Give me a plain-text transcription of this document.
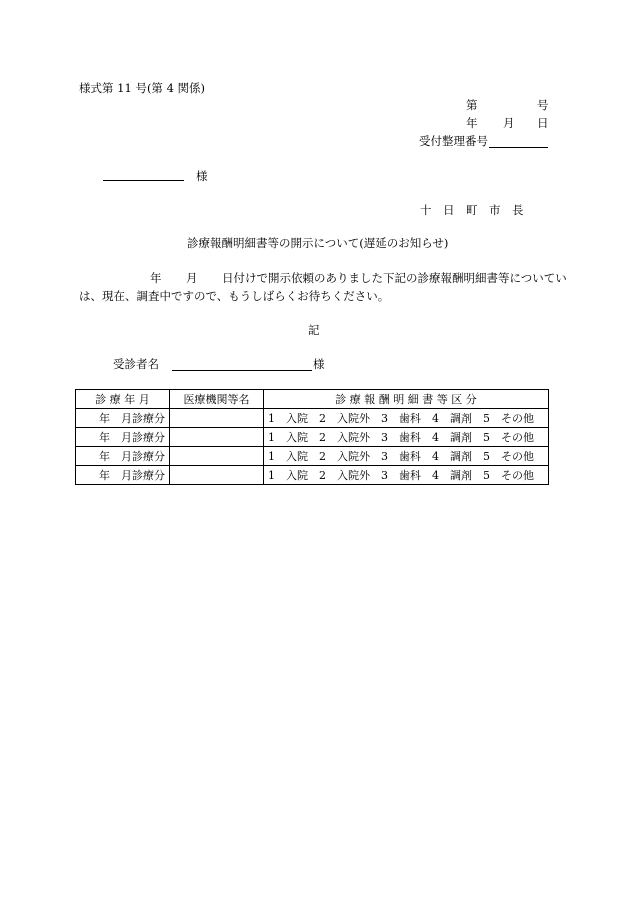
様式第 11 号(第 4 関係)
第	号
年 月 日
受付整理番号
様
十　日　町　市　長
診療報酬明細書等の開示について(遅延のお知らせ)
年 月 日付けで開示依頼のありました下記の診療報酬明細書等についてい
は、現在、調査中ですので、もうしばらくお待ちください。
記
受診者名	様
診 療 年 月	医療機関等名	診 療 報 酬 明 細 書 等 区 分
年　月診療分		1　入院　2　入院外　3　歯科　4　調剤　5　その他
年　月診療分		1　入院　2　入院外　3　歯科　4　調剤　5　その他
年　月診療分		1　入院　2　入院外　3　歯科　4　調剤　5　その他
年　月診療分		1　入院　2　入院外　3　歯科　4　調剤　5　その他
